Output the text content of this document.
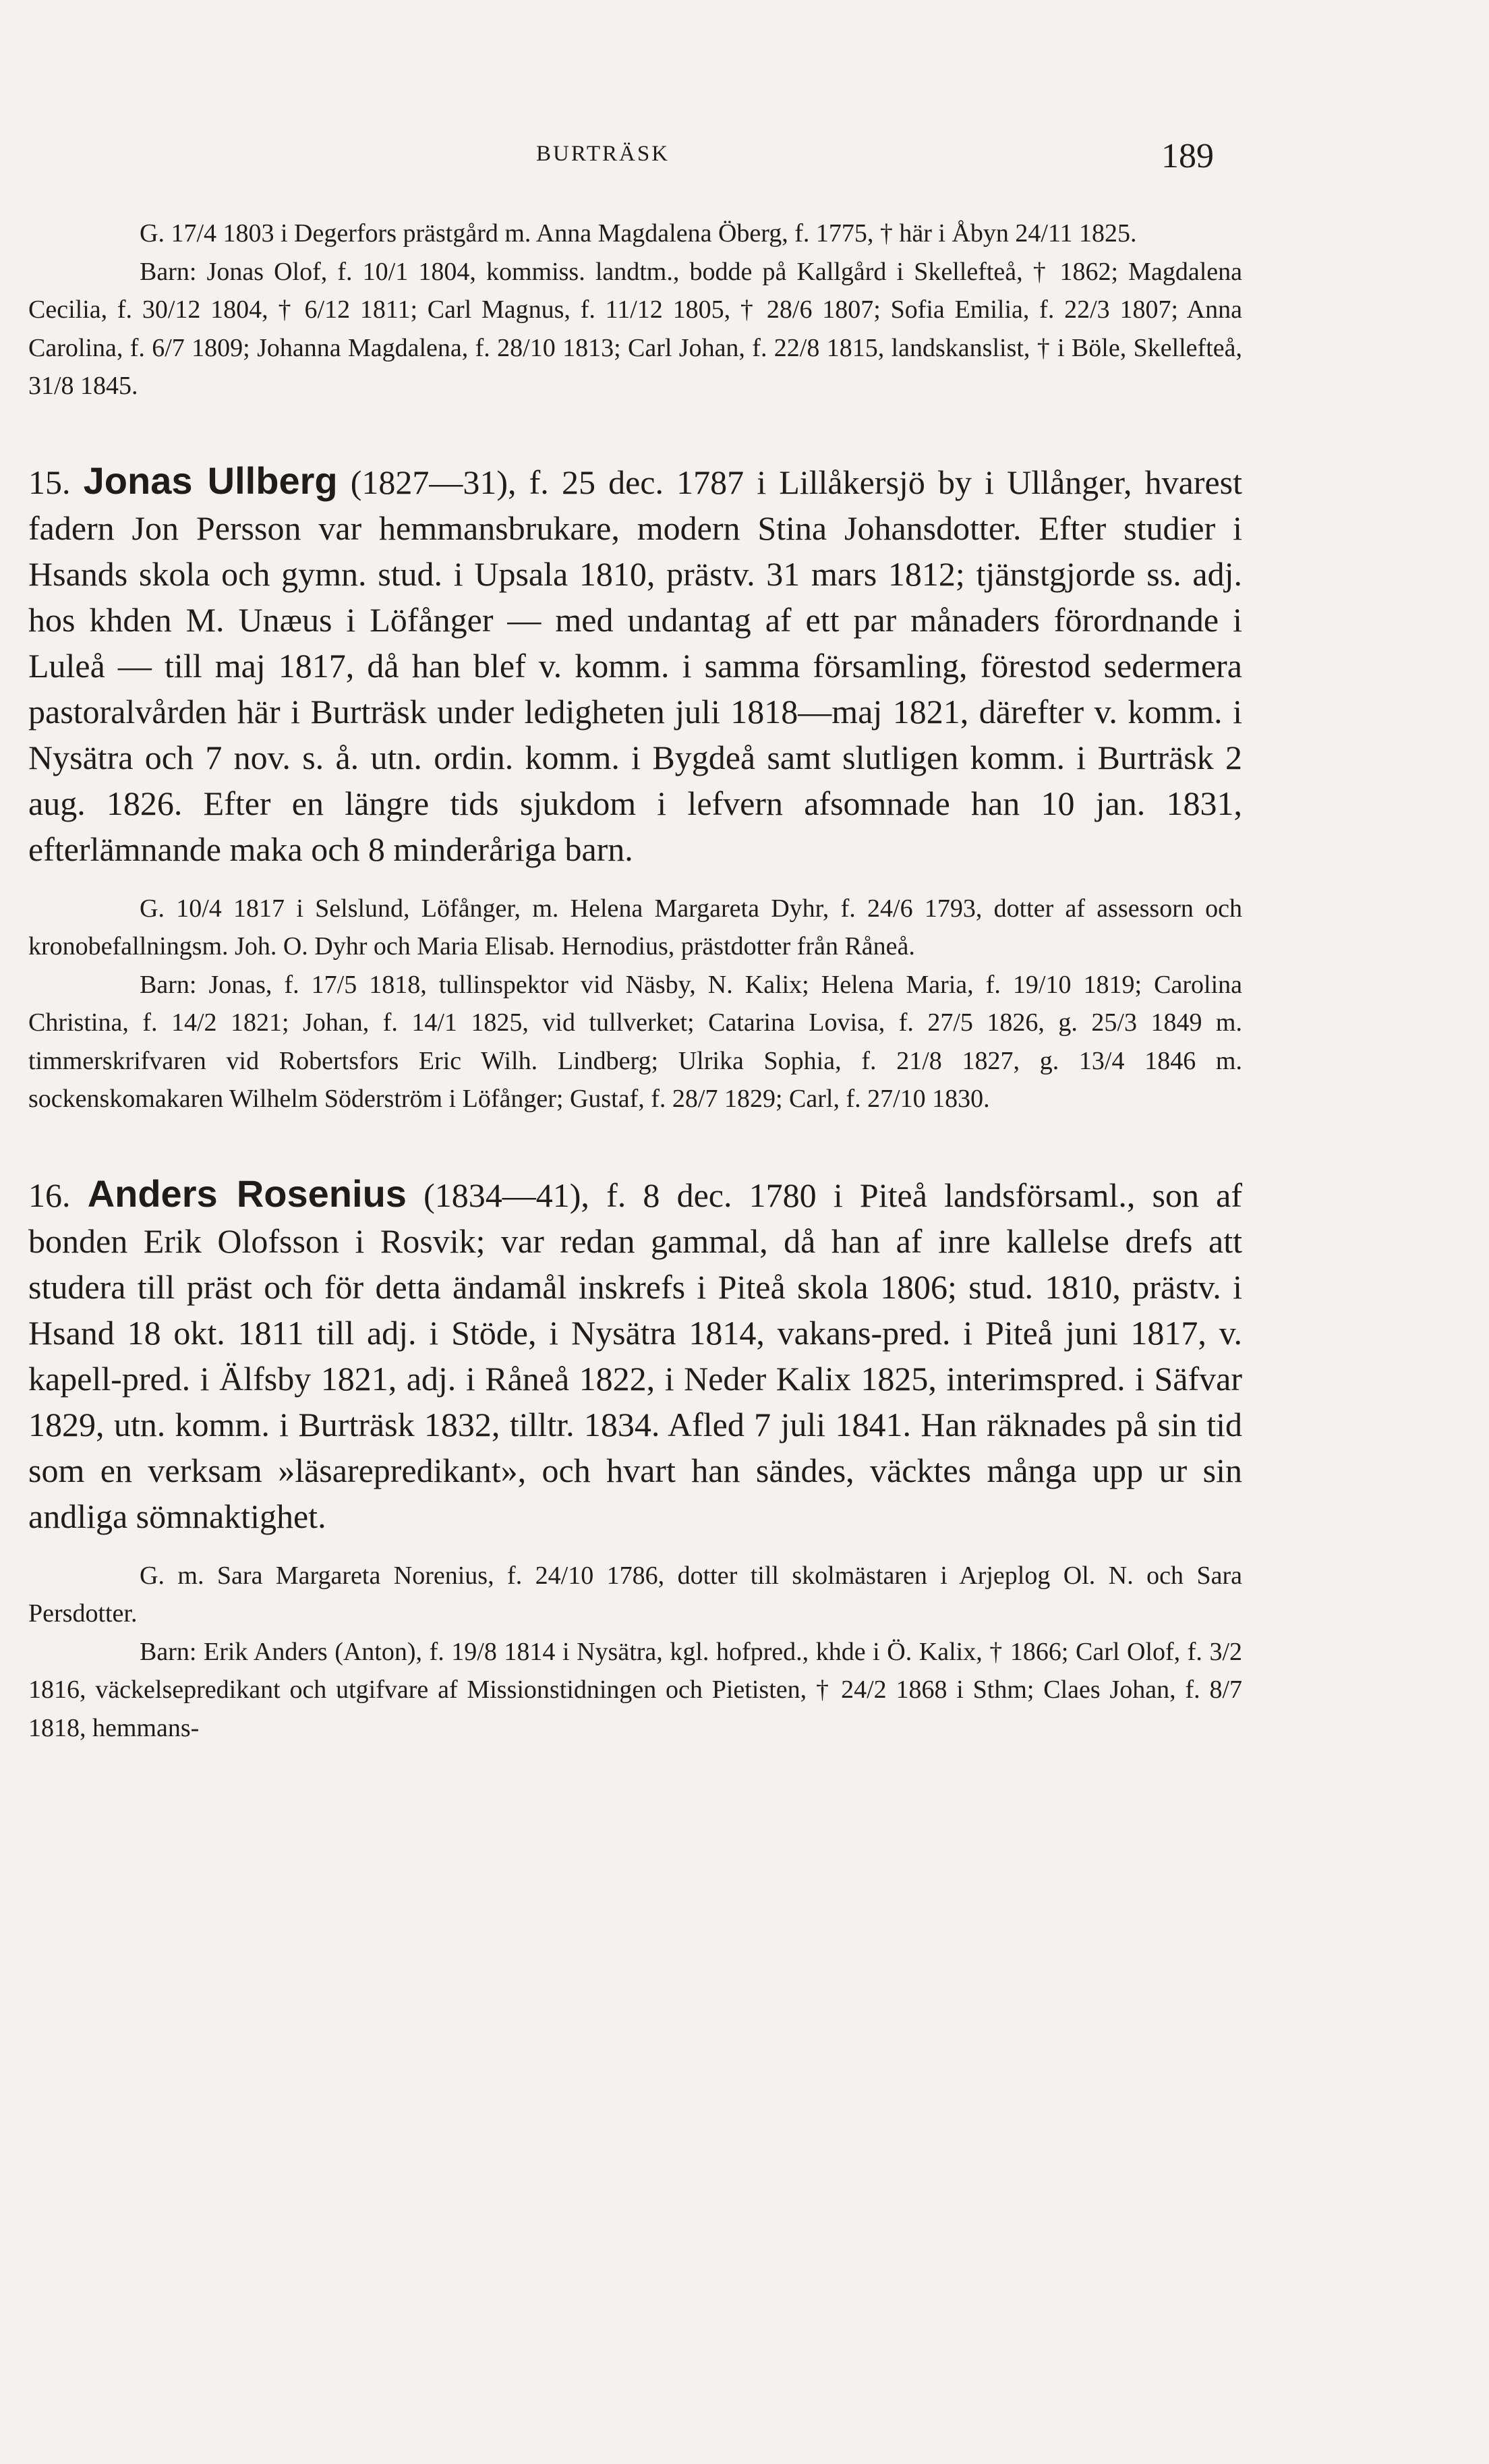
BURTRÄSK	189

G. 17/4 1803 i Degerfors prästgård m. Anna Magdalena Öberg, f. 1775, † här i Åbyn 24/11 1825.

Barn: Jonas Olof, f. 10/1 1804, kommiss. landtm., bodde på Kallgård i Skellefteå, † 1862; Magdalena Cecilia, f. 30/12 1804, † 6/12 1811; Carl Magnus, f. 11/12 1805, † 28/6 1807; Sofia Emilia, f. 22/3 1807; Anna Carolina, f. 6/7 1809; Johanna Magdalena, f. 28/10 1813; Carl Johan, f. 22/8 1815, landskanslist, † i Böle, Skellefteå, 31/8 1845.

15. Jonas Ullberg (1827—31), f. 25 dec. 1787 i Lillåkersjö by i Ullånger, hvarest fadern Jon Persson var hemmansbrukare, modern Stina Johansdotter. Efter studier i Hsands skola och gymn. stud. i Upsala 1810, prästv. 31 mars 1812; tjänstgjorde ss. adj. hos khden M. Unæus i Löfånger — med undantag af ett par månaders förordnande i Luleå — till maj 1817, då han blef v. komm. i samma församling, förestod sedermera pastoralvården här i Burträsk under ledigheten juli 1818—maj 1821, därefter v. komm. i Nysätra och 7 nov. s. å. utn. ordin. komm. i Bygdeå samt slutligen komm. i Burträsk 2 aug. 1826. Efter en längre tids sjukdom i lefvern afsomnade han 10 jan. 1831, efterlämnande maka och 8 minderåriga barn.

G. 10/4 1817 i Selslund, Löfånger, m. Helena Margareta Dyhr, f. 24/6 1793, dotter af assessorn och kronobefallningsm. Joh. O. Dyhr och Maria Elisab. Hernodius, prästdotter från Råneå.

Barn: Jonas, f. 17/5 1818, tullinspektor vid Näsby, N. Kalix; Helena Maria, f. 19/10 1819; Carolina Christina, f. 14/2 1821; Johan, f. 14/1 1825, vid tullverket; Catarina Lovisa, f. 27/5 1826, g. 25/3 1849 m. timmerskrifvaren vid Robertsfors Eric Wilh. Lindberg; Ulrika Sophia, f. 21/8 1827, g. 13/4 1846 m. sockenskomakaren Wilhelm Söderström i Löfånger; Gustaf, f. 28/7 1829; Carl, f. 27/10 1830.

16. Anders Rosenius (1834—41), f. 8 dec. 1780 i Piteå landsförsaml., son af bonden Erik Olofsson i Rosvik; var redan gammal, då han af inre kallelse drefs att studera till präst och för detta ändamål inskrefs i Piteå skola 1806; stud. 1810, prästv. i Hsand 18 okt. 1811 till adj. i Stöde, i Nysätra 1814, vakans-pred. i Piteå juni 1817, v. kapell-pred. i Älfsby 1821, adj. i Råneå 1822, i Neder Kalix 1825, interimspred. i Säfvar 1829, utn. komm. i Burträsk 1832, tilltr. 1834. Afled 7 juli 1841. Han räknades på sin tid som en verksam »läsarepredikant», och hvart han sändes, väcktes många upp ur sin andliga sömnaktighet.

G. m. Sara Margareta Norenius, f. 24/10 1786, dotter till skolmästaren i Arjeplog Ol. N. och Sara Persdotter.

Barn: Erik Anders (Anton), f. 19/8 1814 i Nysätra, kgl. hofpred., khde i Ö. Kalix, † 1866; Carl Olof, f. 3/2 1816, väckelsepredikant och utgifvare af Missionstidningen och Pietisten, † 24/2 1868 i Sthm; Claes Johan, f. 8/7 1818, hemmans-
